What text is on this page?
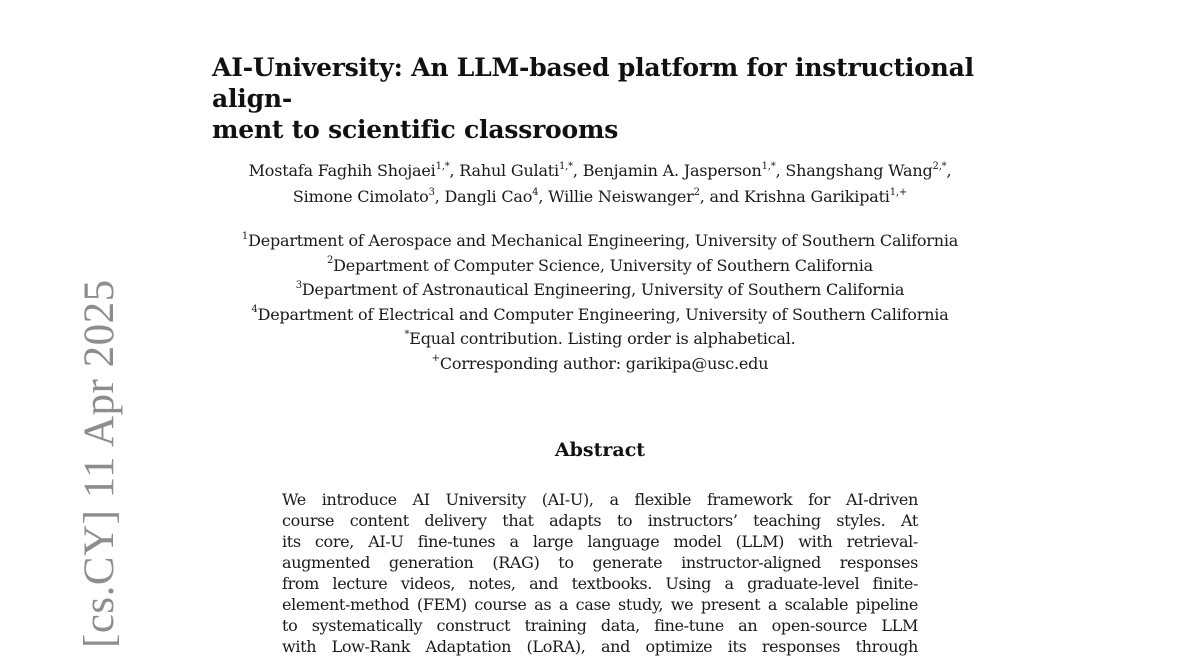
[cs.CY] 11 Apr 2025
AI-University: An LLM-based platform for instructional align-
ment to scientific classrooms
Mostafa Faghih Shojaei$^{1,*}$, Rahul Gulati$^{1,*}$, Benjamin A. Jasperson$^{1,*}$, Shangshang Wang$^{2,*}$,
Simone Cimolato$^3$, Dangli Cao$^4$, Willie Neiswanger$^2$, and Krishna Garikipati$^{1,+}$
$^1$Department of Aerospace and Mechanical Engineering, University of Southern California
$^2$Department of Computer Science, University of Southern California
$^3$Department of Astronautical Engineering, University of Southern California
$^4$Department of Electrical and Computer Engineering, University of Southern California
*Equal contribution. Listing order is alphabetical.
+Corresponding author: garikipa@usc.edu
Abstract
We introduce AI University (AI-U), a flexible framework for AI-driven
course content delivery that adapts to instructors’ teaching styles. At
its core, AI-U fine-tunes a large language model (LLM) with retrieval-
augmented generation (RAG) to generate instructor-aligned responses
from lecture videos, notes, and textbooks. Using a graduate-level finite-
element-method (FEM) course as a case study, we present a scalable pipeline
to systematically construct training data, fine-tune an open-source LLM
with Low-Rank Adaptation (LoRA), and optimize its responses through
